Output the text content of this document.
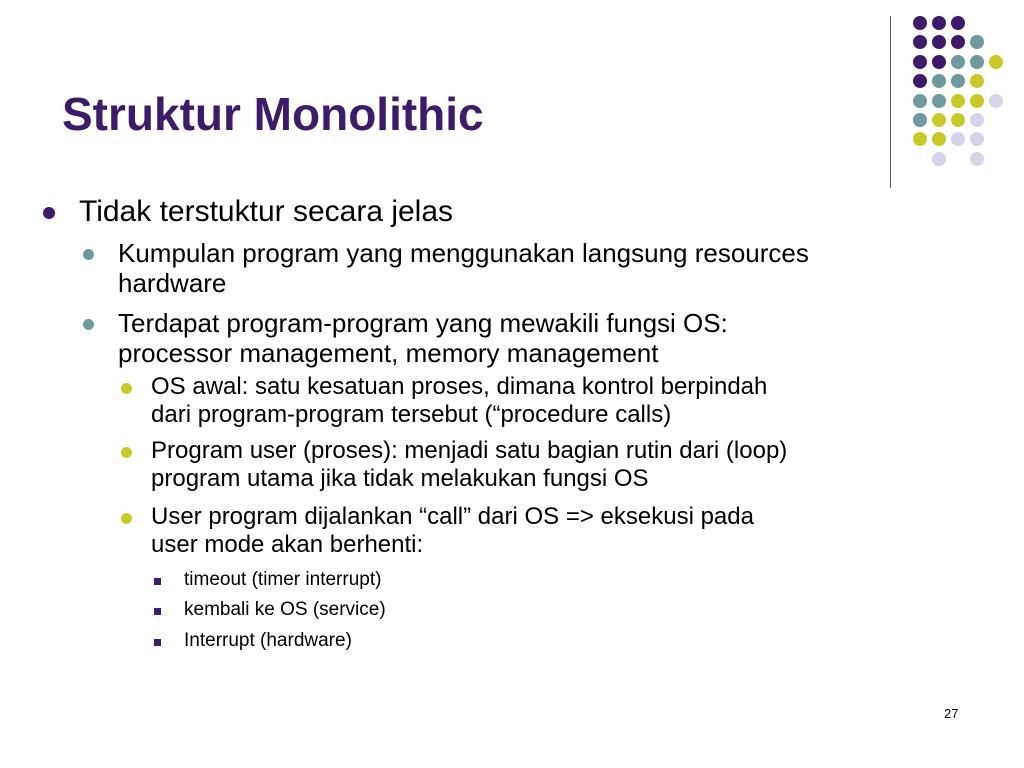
Struktur Monolithic
Tidak terstuktur secara jelas
Kumpulan program yang menggunakan langsung resources
hardware
Terdapat program-program yang mewakili fungsi OS:
processor management, memory management
OS awal: satu kesatuan proses, dimana kontrol berpindah
dari program-program tersebut (“procedure calls)
Program user (proses): menjadi satu bagian rutin dari (loop)
program utama jika tidak melakukan fungsi OS
User program dijalankan “call” dari OS => eksekusi pada
user mode akan berhenti:
timeout (timer interrupt)
kembali ke OS (service)
Interrupt (hardware)
27
